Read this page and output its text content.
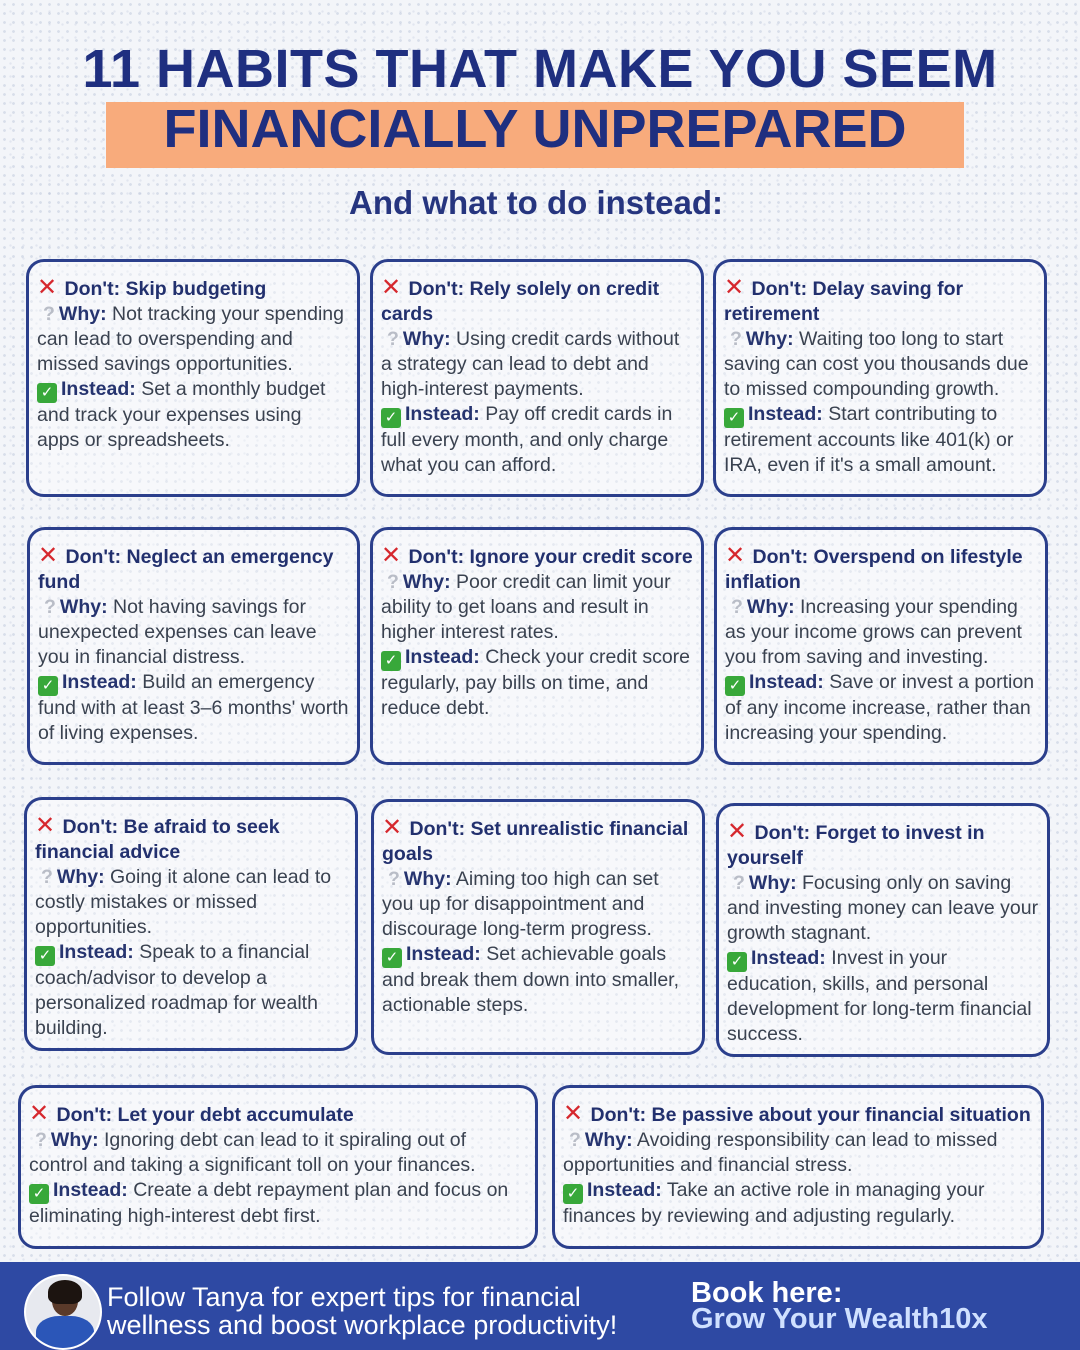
11 HABITS THAT MAKE YOU SEEM
FINANCIALLY UNPREPARED
And what to do instead:
✕ Don't: Skip budgeting
? Why: Not tracking your spending can lead to overspending and missed savings opportunities.
✓ Instead: Set a monthly budget and track your expenses using apps or spreadsheets.
✕ Don't: Rely solely on credit cards
? Why: Using credit cards without a strategy can lead to debt and high-interest payments.
✓ Instead: Pay off credit cards in full every month, and only charge what you can afford.
✕ Don't: Delay saving for retirement
? Why: Waiting too long to start saving can cost you thousands due to missed compounding growth.
✓ Instead: Start contributing to retirement accounts like 401(k) or IRA, even if it's a small amount.
✕ Don't: Neglect an emergency fund
? Why: Not having savings for unexpected expenses can leave you in financial distress.
✓ Instead: Build an emergency fund with at least 3–6 months' worth of living expenses.
✕ Don't: Ignore your credit score
? Why: Poor credit can limit your ability to get loans and result in higher interest rates.
✓ Instead: Check your credit score regularly, pay bills on time, and reduce debt.
✕ Don't: Overspend on lifestyle inflation
? Why: Increasing your spending as your income grows can prevent you from saving and investing.
✓ Instead: Save or invest a portion of any income increase, rather than increasing your spending.
✕ Don't: Be afraid to seek financial advice
? Why: Going it alone can lead to costly mistakes or missed opportunities.
✓ Instead: Speak to a financial coach/advisor to develop a personalized roadmap for wealth building.
✕ Don't: Set unrealistic financial goals
? Why: Aiming too high can set you up for disappointment and discourage long-term progress.
✓ Instead: Set achievable goals and break them down into smaller, actionable steps.
✕ Don't: Forget to invest in yourself
? Why: Focusing only on saving and investing money can leave your growth stagnant.
✓ Instead: Invest in your education, skills, and personal development for long-term financial success.
✕ Don't: Let your debt accumulate
? Why: Ignoring debt can lead to it spiraling out of control and taking a significant toll on your finances.
✓ Instead: Create a debt repayment plan and focus on eliminating high-interest debt first.
✕ Don't: Be passive about your financial situation
? Why: Avoiding responsibility can lead to missed opportunities and financial stress.
✓ Instead: Take an active role in managing your finances by reviewing and adjusting regularly.
Follow Tanya for expert tips for financial wellness and boost workplace productivity!
Book here:
Grow Your Wealth10x
